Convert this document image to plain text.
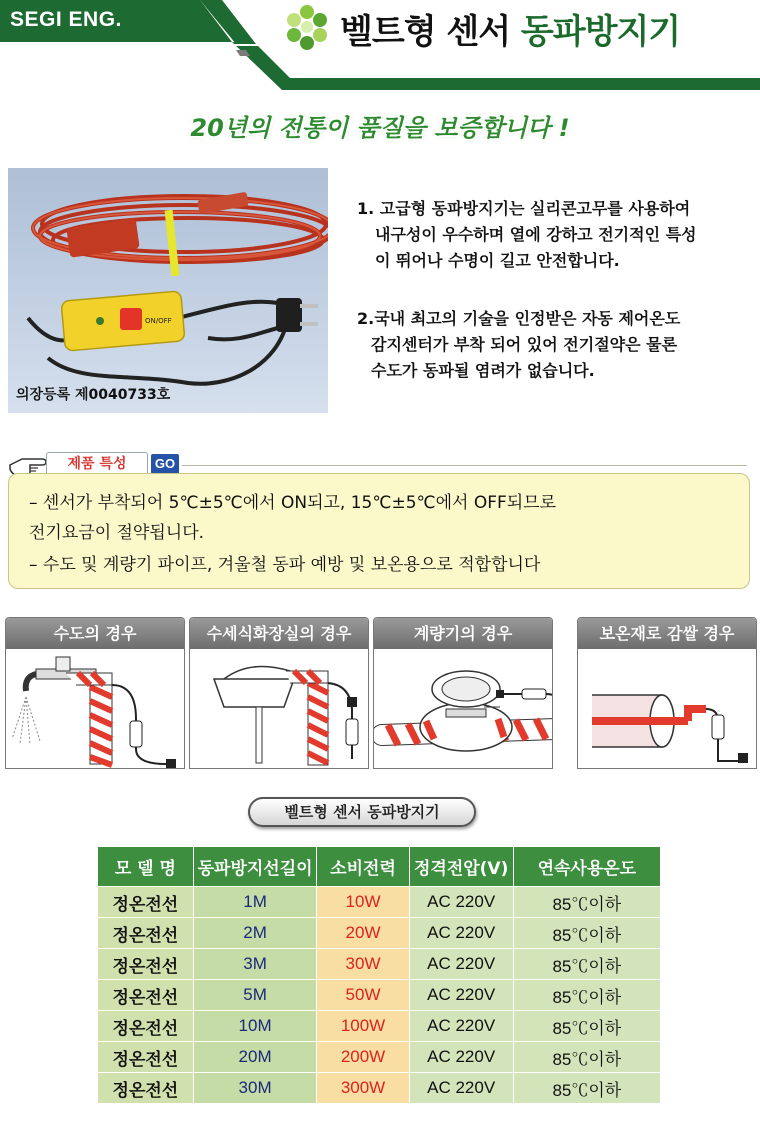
SEGI ENG.	벨트형 센서 동파방지기
20년의 전통이 품질을 보증합니다 !
ON/OFF
의장등록 제0040733호
1. 고급형 동파방지기는 실리콘고무를 사용하여
내구성이 우수하며 열에 강하고 전기적인 특성
이 뛰어나 수명이 길고 안전합니다.
2.국내 최고의 기술을 인정받은 자동 제어온도
감지센터가 부착 되어 있어 전기절약은 물론
수도가 동파될 염려가 없습니다.
제품 특성	GO
– 센서가 부착되어 5℃±5℃에서 ON되고, 15℃±5℃에서 OFF되므로
전기요금이 절약됩니다.
– 수도 및 계량기 파이프, 겨울철 동파 예방 및 보온용으로 적합합니다
수도의 경우	수세식화장실의 경우	계량기의 경우	보온재로 감쌀 경우
벨트형 센서 동파방지기
모 델 명	동파방지선길이	소비전력	정격전압(V)	연속사용온도
정온전선	1M	10W	AC 220V	85℃이하
정온전선	2M	20W	AC 220V	85℃이하
정온전선	3M	30W	AC 220V	85℃이하
정온전선	5M	50W	AC 220V	85℃이하
정온전선	10M	100W	AC 220V	85℃이하
정온전선	20M	200W	AC 220V	85℃이하
정온전선	30M	300W	AC 220V	85℃이하
